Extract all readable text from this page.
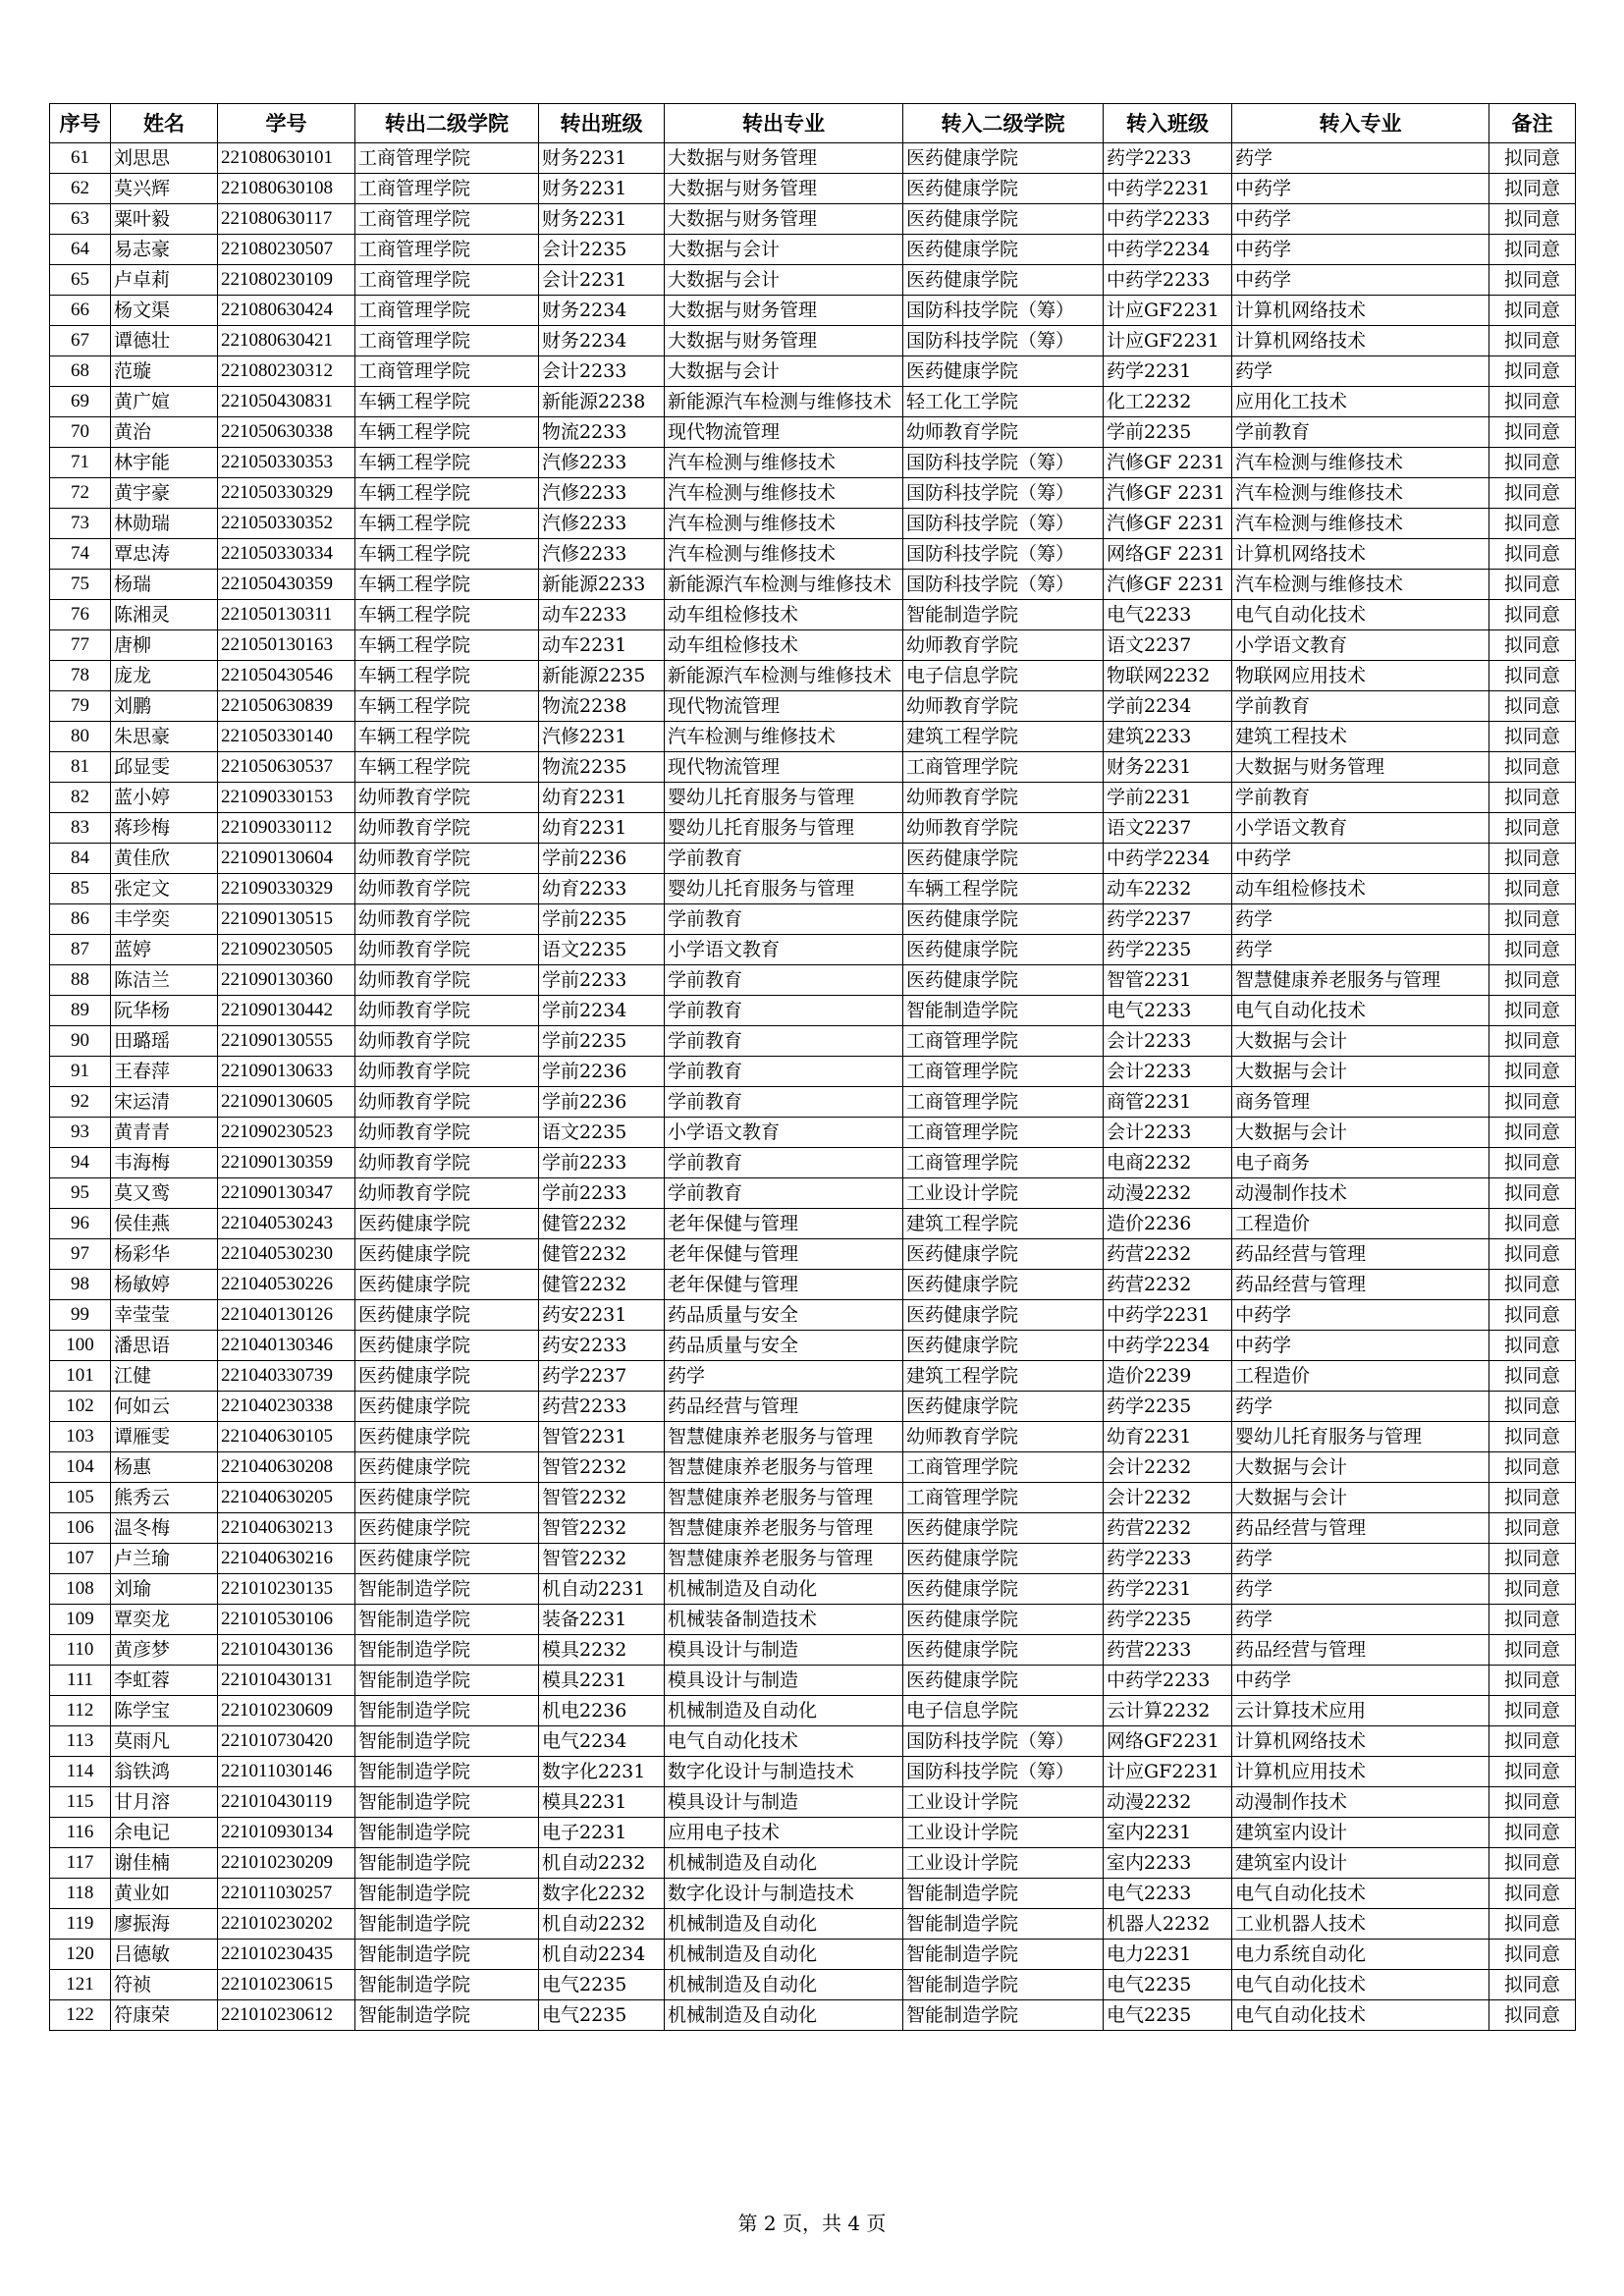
序号	姓名	学号	转出二级学院	转出班级	转出专业	转入二级学院	转入班级	转入专业	备注
61	刘思思	221080630101	工商管理学院	财务2231	大数据与财务管理	医药健康学院	药学2233	药学	拟同意
62	莫兴辉	221080630108	工商管理学院	财务2231	大数据与财务管理	医药健康学院	中药学2231	中药学	拟同意
63	粟叶毅	221080630117	工商管理学院	财务2231	大数据与财务管理	医药健康学院	中药学2233	中药学	拟同意
64	易志豪	221080230507	工商管理学院	会计2235	大数据与会计	医药健康学院	中药学2234	中药学	拟同意
65	卢卓莉	221080230109	工商管理学院	会计2231	大数据与会计	医药健康学院	中药学2233	中药学	拟同意
66	杨文渠	221080630424	工商管理学院	财务2234	大数据与财务管理	国防科技学院（筹）	计应GF2231	计算机网络技术	拟同意
67	谭德壮	221080630421	工商管理学院	财务2234	大数据与财务管理	国防科技学院（筹）	计应GF2231	计算机网络技术	拟同意
68	范璇	221080230312	工商管理学院	会计2233	大数据与会计	医药健康学院	药学2231	药学	拟同意
69	黄广媗	221050430831	车辆工程学院	新能源2238	新能源汽车检测与维修技术	轻工化工学院	化工2232	应用化工技术	拟同意
70	黄治	221050630338	车辆工程学院	物流2233	现代物流管理	幼师教育学院	学前2235	学前教育	拟同意
71	林宇能	221050330353	车辆工程学院	汽修2233	汽车检测与维修技术	国防科技学院（筹）	汽修GF 2231	汽车检测与维修技术	拟同意
72	黄宇豪	221050330329	车辆工程学院	汽修2233	汽车检测与维修技术	国防科技学院（筹）	汽修GF 2231	汽车检测与维修技术	拟同意
73	林勋瑞	221050330352	车辆工程学院	汽修2233	汽车检测与维修技术	国防科技学院（筹）	汽修GF 2231	汽车检测与维修技术	拟同意
74	覃忠涛	221050330334	车辆工程学院	汽修2233	汽车检测与维修技术	国防科技学院（筹）	网络GF 2231	计算机网络技术	拟同意
75	杨瑞	221050430359	车辆工程学院	新能源2233	新能源汽车检测与维修技术	国防科技学院（筹）	汽修GF 2231	汽车检测与维修技术	拟同意
76	陈湘灵	221050130311	车辆工程学院	动车2233	动车组检修技术	智能制造学院	电气2233	电气自动化技术	拟同意
77	唐柳	221050130163	车辆工程学院	动车2231	动车组检修技术	幼师教育学院	语文2237	小学语文教育	拟同意
78	庞龙	221050430546	车辆工程学院	新能源2235	新能源汽车检测与维修技术	电子信息学院	物联网2232	物联网应用技术	拟同意
79	刘鹏	221050630839	车辆工程学院	物流2238	现代物流管理	幼师教育学院	学前2234	学前教育	拟同意
80	朱思豪	221050330140	车辆工程学院	汽修2231	汽车检测与维修技术	建筑工程学院	建筑2233	建筑工程技术	拟同意
81	邱显雯	221050630537	车辆工程学院	物流2235	现代物流管理	工商管理学院	财务2231	大数据与财务管理	拟同意
82	蓝小婷	221090330153	幼师教育学院	幼育2231	婴幼儿托育服务与管理	幼师教育学院	学前2231	学前教育	拟同意
83	蒋珍梅	221090330112	幼师教育学院	幼育2231	婴幼儿托育服务与管理	幼师教育学院	语文2237	小学语文教育	拟同意
84	黄佳欣	221090130604	幼师教育学院	学前2236	学前教育	医药健康学院	中药学2234	中药学	拟同意
85	张定文	221090330329	幼师教育学院	幼育2233	婴幼儿托育服务与管理	车辆工程学院	动车2232	动车组检修技术	拟同意
86	丰学奕	221090130515	幼师教育学院	学前2235	学前教育	医药健康学院	药学2237	药学	拟同意
87	蓝婷	221090230505	幼师教育学院	语文2235	小学语文教育	医药健康学院	药学2235	药学	拟同意
88	陈洁兰	221090130360	幼师教育学院	学前2233	学前教育	医药健康学院	智管2231	智慧健康养老服务与管理	拟同意
89	阮华杨	221090130442	幼师教育学院	学前2234	学前教育	智能制造学院	电气2233	电气自动化技术	拟同意
90	田璐瑶	221090130555	幼师教育学院	学前2235	学前教育	工商管理学院	会计2233	大数据与会计	拟同意
91	王春萍	221090130633	幼师教育学院	学前2236	学前教育	工商管理学院	会计2233	大数据与会计	拟同意
92	宋运清	221090130605	幼师教育学院	学前2236	学前教育	工商管理学院	商管2231	商务管理	拟同意
93	黄青青	221090230523	幼师教育学院	语文2235	小学语文教育	工商管理学院	会计2233	大数据与会计	拟同意
94	韦海梅	221090130359	幼师教育学院	学前2233	学前教育	工商管理学院	电商2232	电子商务	拟同意
95	莫又鸾	221090130347	幼师教育学院	学前2233	学前教育	工业设计学院	动漫2232	动漫制作技术	拟同意
96	侯佳燕	221040530243	医药健康学院	健管2232	老年保健与管理	建筑工程学院	造价2236	工程造价	拟同意
97	杨彩华	221040530230	医药健康学院	健管2232	老年保健与管理	医药健康学院	药营2232	药品经营与管理	拟同意
98	杨敏婷	221040530226	医药健康学院	健管2232	老年保健与管理	医药健康学院	药营2232	药品经营与管理	拟同意
99	幸莹莹	221040130126	医药健康学院	药安2231	药品质量与安全	医药健康学院	中药学2231	中药学	拟同意
100	潘思语	221040130346	医药健康学院	药安2233	药品质量与安全	医药健康学院	中药学2234	中药学	拟同意
101	江健	221040330739	医药健康学院	药学2237	药学	建筑工程学院	造价2239	工程造价	拟同意
102	何如云	221040230338	医药健康学院	药营2233	药品经营与管理	医药健康学院	药学2235	药学	拟同意
103	谭雁雯	221040630105	医药健康学院	智管2231	智慧健康养老服务与管理	幼师教育学院	幼育2231	婴幼儿托育服务与管理	拟同意
104	杨惠	221040630208	医药健康学院	智管2232	智慧健康养老服务与管理	工商管理学院	会计2232	大数据与会计	拟同意
105	熊秀云	221040630205	医药健康学院	智管2232	智慧健康养老服务与管理	工商管理学院	会计2232	大数据与会计	拟同意
106	温冬梅	221040630213	医药健康学院	智管2232	智慧健康养老服务与管理	医药健康学院	药营2232	药品经营与管理	拟同意
107	卢兰瑜	221040630216	医药健康学院	智管2232	智慧健康养老服务与管理	医药健康学院	药学2233	药学	拟同意
108	刘瑜	221010230135	智能制造学院	机自动2231	机械制造及自动化	医药健康学院	药学2231	药学	拟同意
109	覃奕龙	221010530106	智能制造学院	装备2231	机械装备制造技术	医药健康学院	药学2235	药学	拟同意
110	黄彦梦	221010430136	智能制造学院	模具2232	模具设计与制造	医药健康学院	药营2233	药品经营与管理	拟同意
111	李虹蓉	221010430131	智能制造学院	模具2231	模具设计与制造	医药健康学院	中药学2233	中药学	拟同意
112	陈学宝	221010230609	智能制造学院	机电2236	机械制造及自动化	电子信息学院	云计算2232	云计算技术应用	拟同意
113	莫雨凡	221010730420	智能制造学院	电气2234	电气自动化技术	国防科技学院（筹）	网络GF2231	计算机网络技术	拟同意
114	翁铁鸿	221011030146	智能制造学院	数字化2231	数字化设计与制造技术	国防科技学院（筹）	计应GF2231	计算机应用技术	拟同意
115	甘月溶	221010430119	智能制造学院	模具2231	模具设计与制造	工业设计学院	动漫2232	动漫制作技术	拟同意
116	余电记	221010930134	智能制造学院	电子2231	应用电子技术	工业设计学院	室内2231	建筑室内设计	拟同意
117	谢佳楠	221010230209	智能制造学院	机自动2232	机械制造及自动化	工业设计学院	室内2233	建筑室内设计	拟同意
118	黄业如	221011030257	智能制造学院	数字化2232	数字化设计与制造技术	智能制造学院	电气2233	电气自动化技术	拟同意
119	廖振海	221010230202	智能制造学院	机自动2232	机械制造及自动化	智能制造学院	机器人2232	工业机器人技术	拟同意
120	吕德敏	221010230435	智能制造学院	机自动2234	机械制造及自动化	智能制造学院	电力2231	电力系统自动化	拟同意
121	符祯	221010230615	智能制造学院	电气2235	机械制造及自动化	智能制造学院	电气2235	电气自动化技术	拟同意
122	符康荣	221010230612	智能制造学院	电气2235	机械制造及自动化	智能制造学院	电气2235	电气自动化技术	拟同意
第 2 页，共 4 页
